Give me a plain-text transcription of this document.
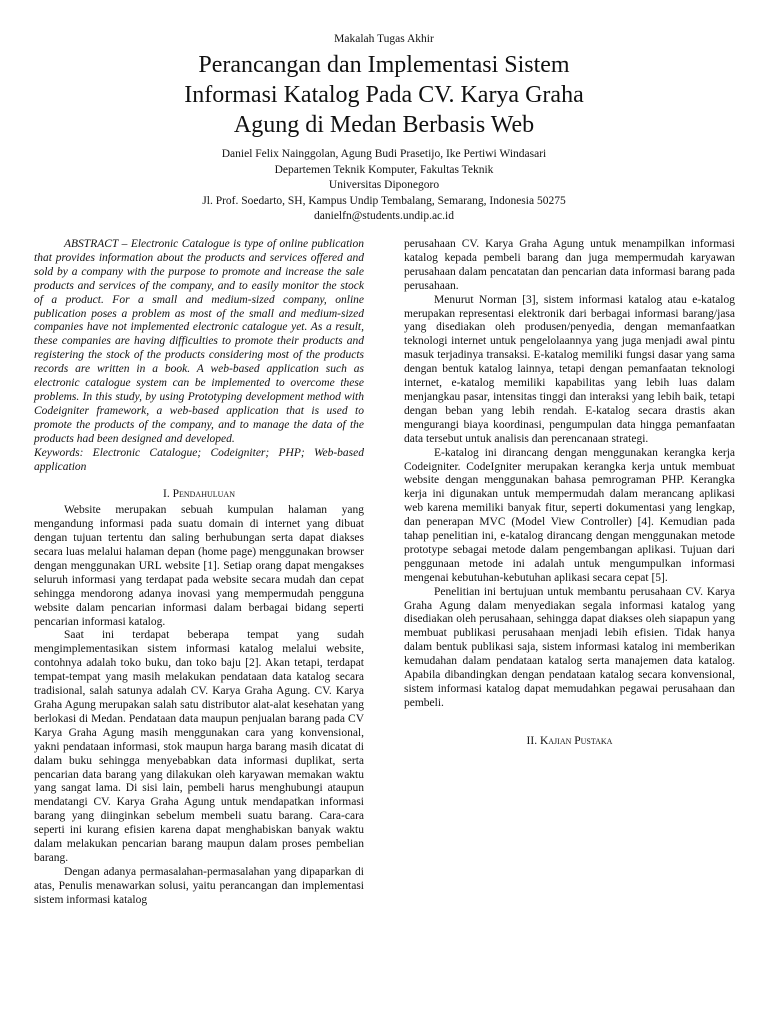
Makalah Tugas Akhir
Perancangan dan Implementasi Sistem
Informasi Katalog Pada CV. Karya Graha
Agung di Medan Berbasis Web
Daniel Felix Nainggolan, Agung Budi Prasetijo, Ike Pertiwi Windasari
Departemen Teknik Komputer, Fakultas Teknik
Universitas Diponegoro
Jl. Prof. Soedarto, SH, Kampus Undip Tembalang, Semarang, Indonesia 50275
danielfn@students.undip.ac.id

ABSTRACT – Electronic Catalogue is type of online publication that provides information about the products and services offered and sold by a company with the purpose to promote and increase the sale products and services of the company, and to easily monitor the stock of a product. For a small and medium-sized company, online publication poses a problem as most of the small and medium-sized companies have not implemented electronic catalogue yet. As a result, these companies are having difficulties to promote their products and registering the stock of the products considering most of the products records are written in a book. A web-based application such as electronic catalogue system can be implemented to overcome these problems. In this study, by using Prototyping development method with Codeigniter framework, a web-based application that is used to promote the products of the company, and to manage the data of the products had been designed and developed.

Keywords: Electronic Catalogue; Codeigniter; PHP; Web-based application

I. Pendahuluan

Website merupakan sebuah kumpulan halaman yang mengandung informasi pada suatu domain di internet yang dibuat dengan tujuan tertentu dan saling berhubungan serta dapat diakses secara luas melalui halaman depan (home page) menggunakan browser dengan menggunakan URL website [1]. Setiap orang dapat mengakses seluruh informasi yang terdapat pada website secara mudah dan cepat sehingga mendorong adanya inovasi yang mempermudah pengguna website dalam pencarian informasi dalam berbagai bidang seperti pencarian informasi katalog.

Saat ini terdapat beberapa tempat yang sudah mengimplementasikan sistem informasi katalog melalui website, contohnya adalah toko buku, dan toko baju [2]. Akan tetapi, terdapat tempat-tempat yang masih melakukan pendataan data katalog secara tradisional, salah satunya adalah CV. Karya Graha Agung. CV. Karya Graha Agung merupakan salah satu distributor alat-alat kesehatan yang berlokasi di Medan. Pendataan data maupun penjualan barang pada CV Karya Graha Agung masih menggunakan cara yang konvensional, yakni pendataan informasi, stok maupun harga barang masih dicatat di dalam buku sehingga menyebabkan data informasi duplikat, serta pencarian data barang yang dilakukan oleh karyawan memakan waktu yang sangat lama. Di sisi lain, pembeli harus menghubungi ataupun mendatangi CV. Karya Graha Agung untuk mendapatkan informasi barang yang diinginkan sebelum membeli suatu barang. Cara-cara seperti ini kurang efisien karena dapat menghabiskan banyak waktu dalam melakukan pencarian barang maupun dalam proses pembelian barang.

Dengan adanya permasalahan-permasalahan yang dipaparkan di atas, Penulis menawarkan solusi, yaitu perancangan dan implementasi sistem informasi katalog

perusahaan CV. Karya Graha Agung untuk menampilkan informasi katalog kepada pembeli barang dan juga mempermudah karyawan perusahaan dalam pencatatan dan pencarian data informasi barang pada perusahaan.

Menurut Norman [3], sistem informasi katalog atau e-katalog merupakan representasi elektronik dari berbagai informasi barang/jasa yang disediakan oleh produsen/penyedia, dengan memanfaatkan teknologi internet untuk pengelolaannya yang juga menjadi awal pintu masuk terjadinya transaksi. E-katalog memiliki fungsi dasar yang sama dengan bentuk katalog lainnya, tetapi dengan pemanfaatan teknologi internet, e-katalog memiliki kapabilitas yang lebih luas dalam menjangkau pasar, intensitas tinggi dan interaksi yang lebih baik, tetapi dengan beban yang lebih rendah. E-katalog secara drastis akan mengurangi biaya koordinasi, pengumpulan data hingga pemanfaatan data tersebut untuk analisis dan perencanaan strategi.

E-katalog ini dirancang dengan menggunakan kerangka kerja Codeigniter. CodeIgniter merupakan kerangka kerja untuk membuat website dengan menggunakan bahasa pemrograman PHP. Kerangka kerja ini digunakan untuk mempermudah dalam merancang aplikasi web karena memiliki banyak fitur, seperti dokumentasi yang lengkap, dan penerapan MVC (Model View Controller) [4]. Kemudian pada tahap penelitian ini, e-katalog dirancang dengan menggunakan metode prototype sebagai metode dalam pengembangan aplikasi. Tujuan dari penggunaan metode ini adalah untuk mengumpulkan informasi mengenai kebutuhan-kebutuhan aplikasi secara cepat [5].

Penelitian ini bertujuan untuk membantu perusahaan CV. Karya Graha Agung dalam menyediakan segala informasi katalog yang disediakan oleh perusahaan, sehingga dapat diakses oleh siapapun yang membuat publikasi perusahaan menjadi lebih efisien. Tidak hanya dalam bentuk publikasi saja, sistem informasi katalog ini memberikan kemudahan dalam pendataan katalog serta manajemen data katalog. Apabila dibandingkan dengan pendataan katalog secara konvensional, sistem informasi katalog dapat memudahkan pegawai perusahaan dan pembeli.

II. Kajian Pustaka
